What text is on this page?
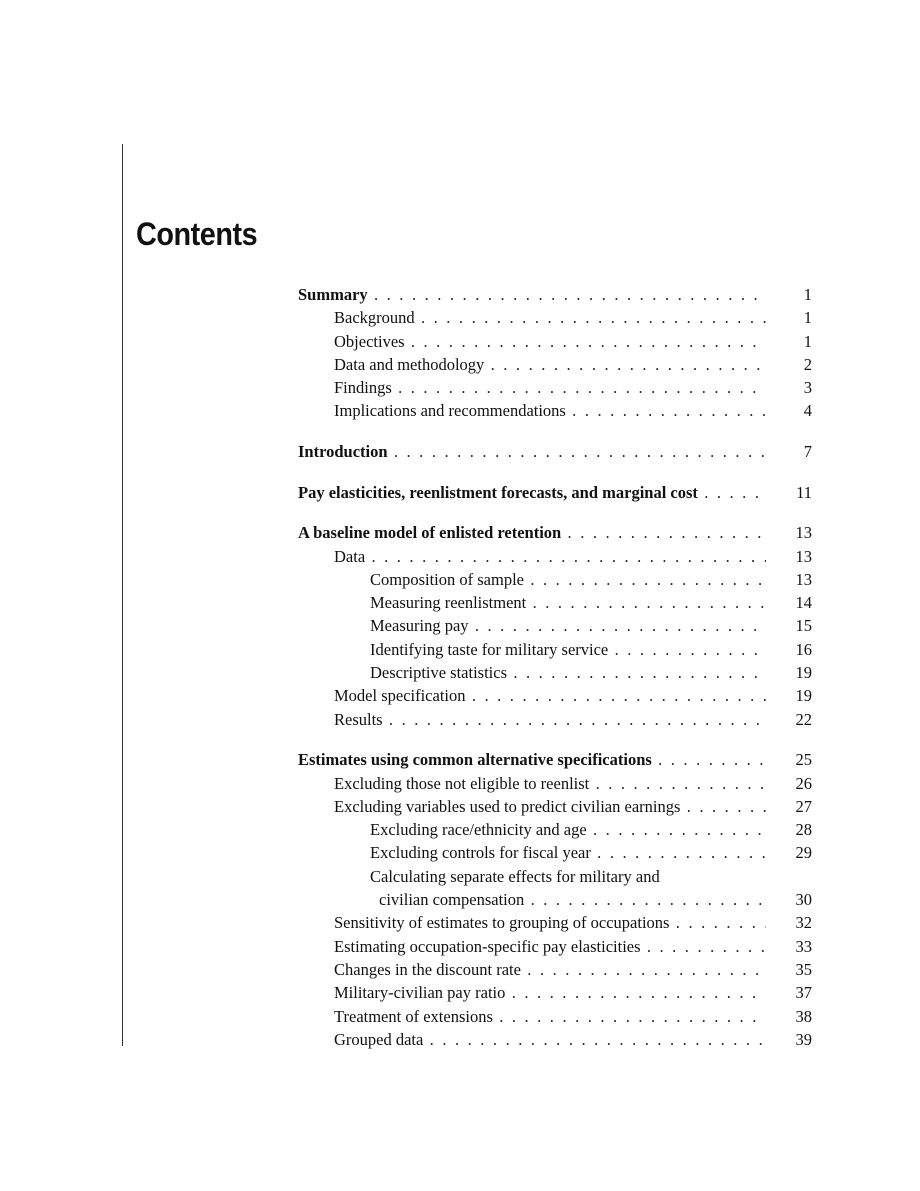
Contents
Summary . . .	1
Background . . .	1
Objectives . . .	1
Data and methodology . . .	2
Findings . . .	3
Implications and recommendations . . .	4
Introduction . . .	7
Pay elasticities, reenlistment forecasts, and marginal cost . . .	11
A baseline model of enlisted retention . . .	13
Data . . .	13
Composition of sample . . .	13
Measuring reenlistment . . .	14
Measuring pay . . .	15
Identifying taste for military service . . .	16
Descriptive statistics . . .	19
Model specification . . .	19
Results . . .	22
Estimates using common alternative specifications . . .	25
Excluding those not eligible to reenlist . . .	26
Excluding variables used to predict civilian earnings . . .	27
Excluding race/ethnicity and age . . .	28
Excluding controls for fiscal year . . .	29
Calculating separate effects for military and
civilian compensation . . .	30
Sensitivity of estimates to grouping of occupations . . .	32
Estimating occupation-specific pay elasticities . . .	33
Changes in the discount rate . . .	35
Military-civilian pay ratio . . .	37
Treatment of extensions . . .	38
Grouped data . . .	39
